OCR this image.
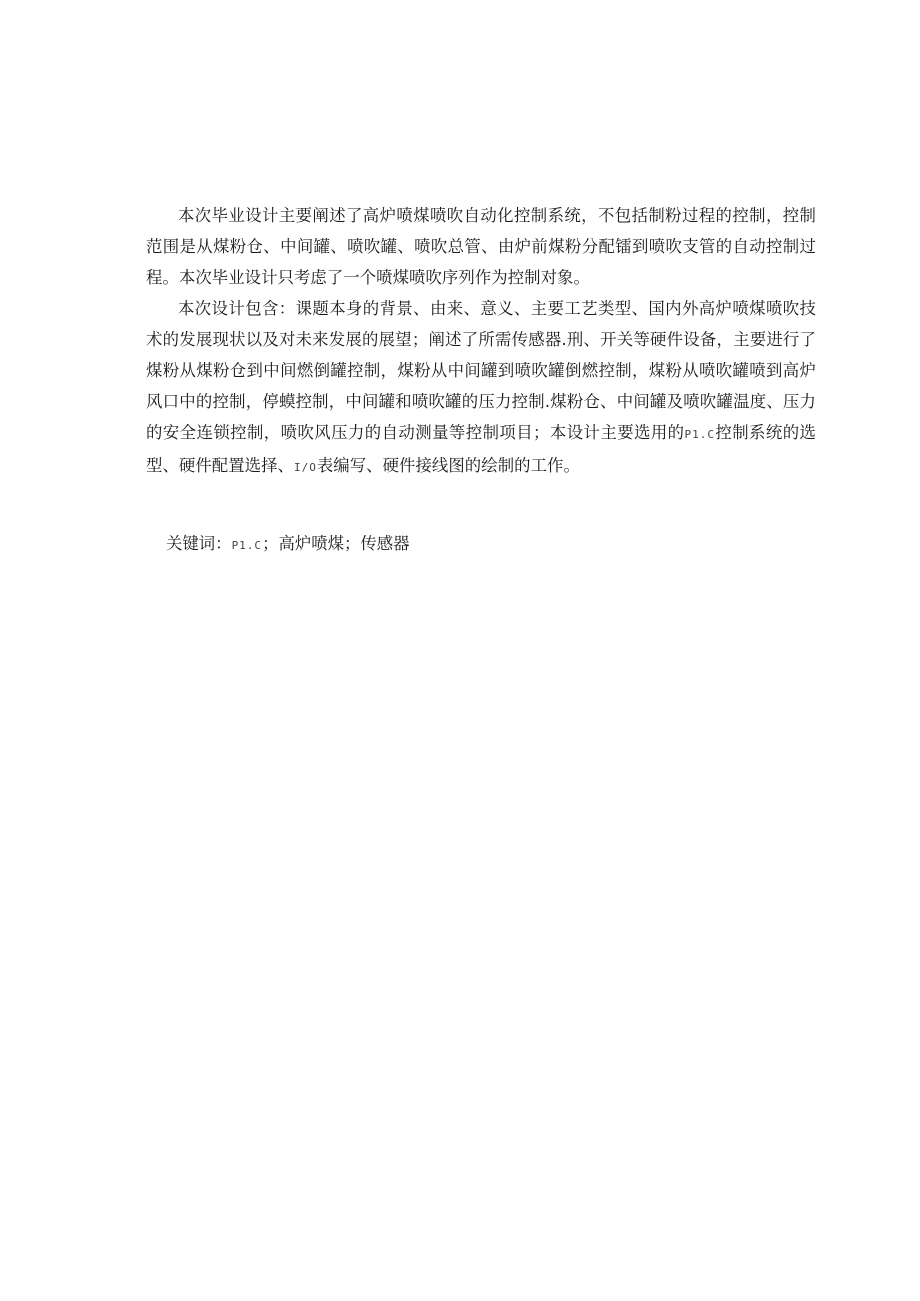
本次毕业设计主要阐述了高炉喷煤喷吹自动化控制系统，不包括制粉过程的控制，控制范围是从煤粉仓、中间罐、喷吹罐、喷吹总管、由炉前煤粉分配镭到喷吹支管的自动控制过程。本次毕业设计只考虑了一个喷煤喷吹序列作为控制对象。

本次设计包含：课题本身的背景、由来、意义、主要工艺类型、国内外高炉喷煤喷吹技术的发展现状以及对未来发展的展望；阐述了所需传感器.刑、开关等硬件设备，主要进行了煤粉从煤粉仓到中间燃倒罐控制，煤粉从中间罐到喷吹罐倒燃控制，煤粉从喷吹罐喷到高炉风口中的控制，停蟆控制，中间罐和喷吹罐的压力控制.煤粉仓、中间罐及喷吹罐温度、压力的安全连锁控制，喷吹风压力的自动测量等控制项目；本设计主要选用的P1.C控制系统的选型、硬件配置选择、I/O表编写、硬件接线图的绘制的工作。

关键词：P1.C；高炉喷煤；传感器
